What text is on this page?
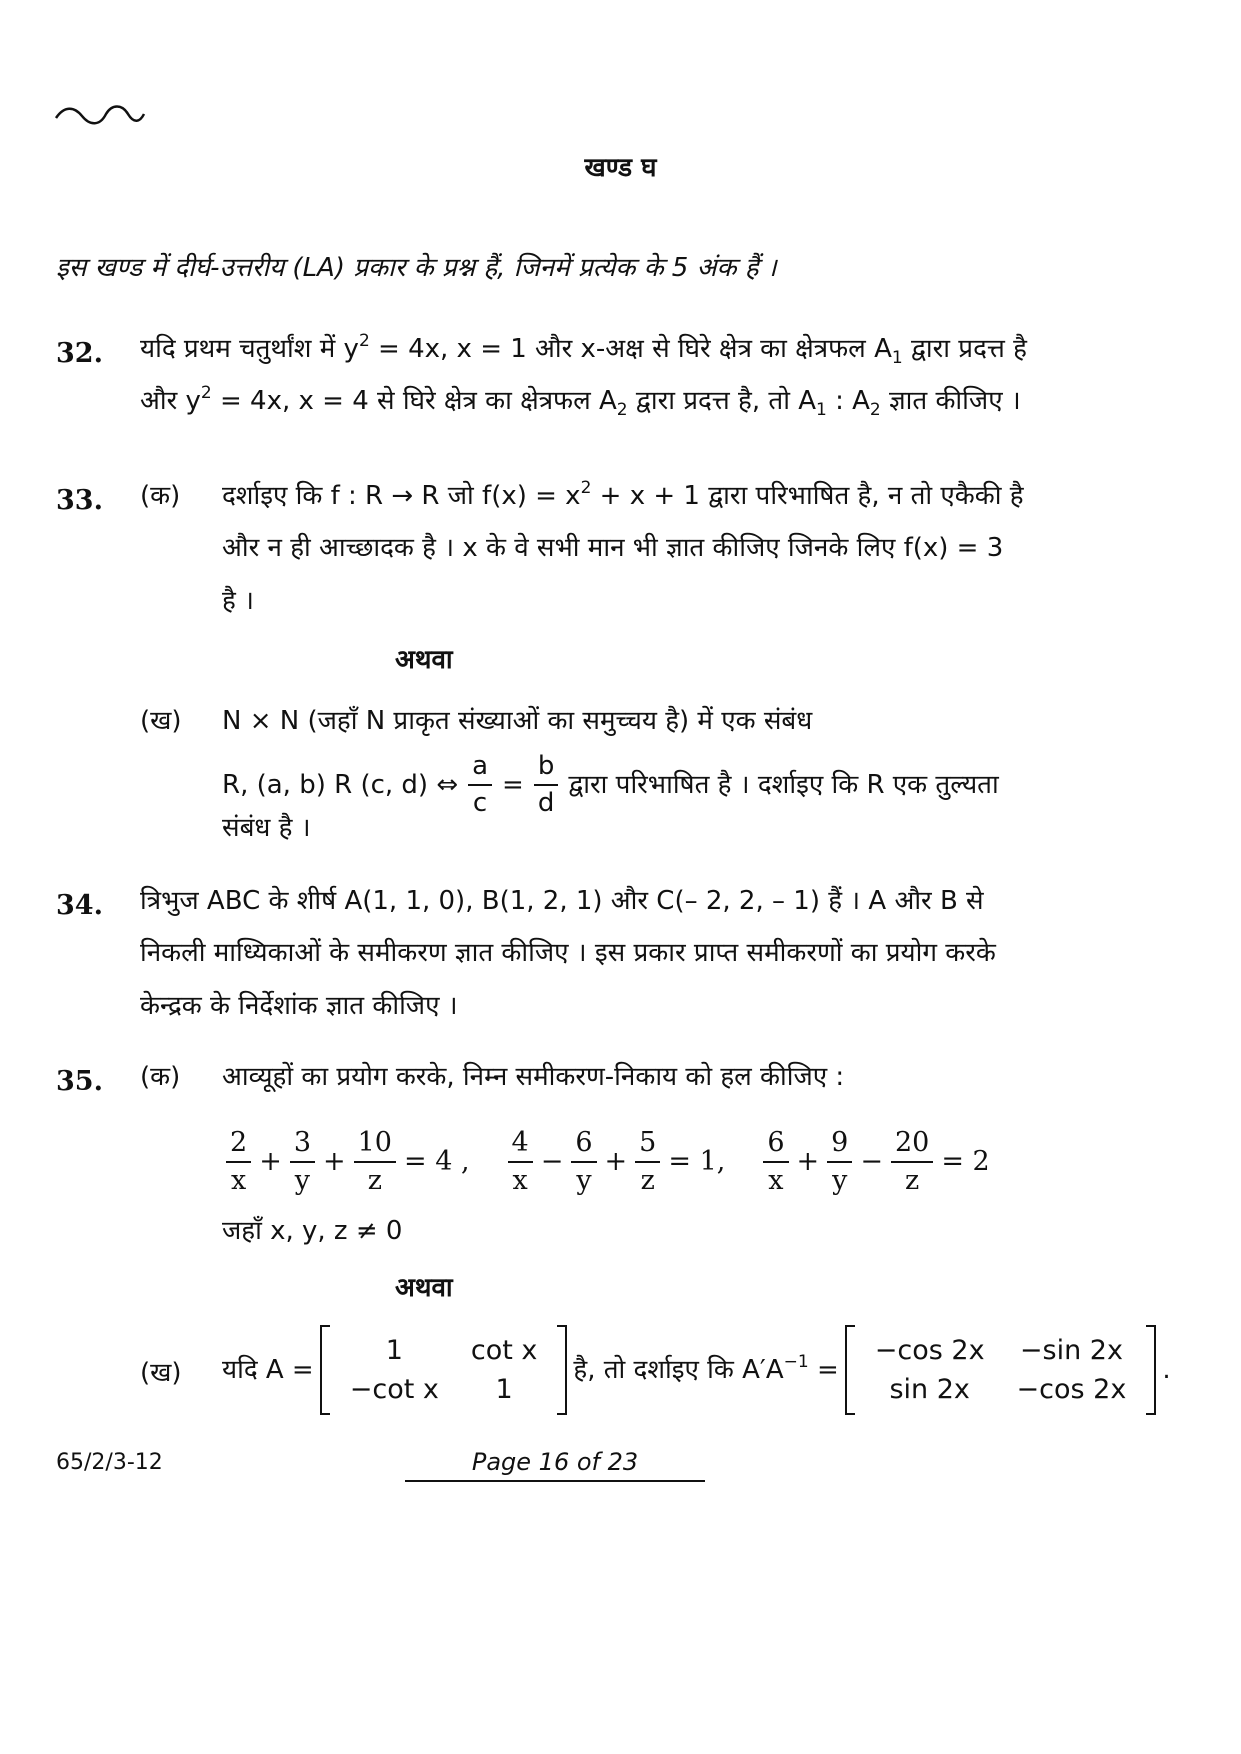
खण्ड घ
इस खण्ड में दीर्घ-उत्तरीय (LA) प्रकार के प्रश्न हैं, जिनमें प्रत्येक के 5 अंक हैं ।
32. यदि प्रथम चतुर्थांश में $y^2 = 4x$, x = 1 और x-अक्ष से घिरे क्षेत्र का क्षेत्रफल $A_1$ द्वारा प्रदत्त है
और $y^2 = 4x$, x = 4 से घिरे क्षेत्र का क्षेत्रफल $A_2$ द्वारा प्रदत्त है, तो $A_1$ : $A_2$ ज्ञात कीजिए ।
33. (क) दर्शाइए कि f : R → R जो $f(x) = x^2 + x + 1$ द्वारा परिभाषित है, न तो एकैकी है
और न ही आच्छादक है । x के वे सभी मान भी ज्ञात कीजिए जिनके लिए f(x) = 3
है ।
अथवा
(ख) N × N (जहाँ N प्राकृत संख्याओं का समुच्चय है) में एक संबंध
R, (a, b) R (c, d) ⇔ $\frac{a}{c} = \frac{b}{d}$ द्वारा परिभाषित है । दर्शाइए कि R एक तुल्यता
संबंध है ।
34. त्रिभुज ABC के शीर्ष A(1, 1, 0), B(1, 2, 1) और C(– 2, 2, – 1) हैं । A और B से
निकली माध्यिकाओं के समीकरण ज्ञात कीजिए । इस प्रकार प्राप्त समीकरणों का प्रयोग करके
केन्द्रक के निर्देशांक ज्ञात कीजिए ।
35. (क) आव्यूहों का प्रयोग करके, निम्न समीकरण-निकाय को हल कीजिए :
$\frac{2}{x} + \frac{3}{y} + \frac{10}{z} = 4$ , $\frac{4}{x} - \frac{6}{y} + \frac{5}{z} = 1$, $\frac{6}{x} + \frac{9}{y} - \frac{20}{z} = 2$
जहाँ x, y, z ≠ 0
अथवा
(ख) यदि A =
1	cot x
−cot x	1
है, तो दर्शाइए कि $A'A^{-1}$ =
−cos 2x	−sin 2x
sin 2x	−cos 2x
.
65/2/3-12	Page 16 of 23
